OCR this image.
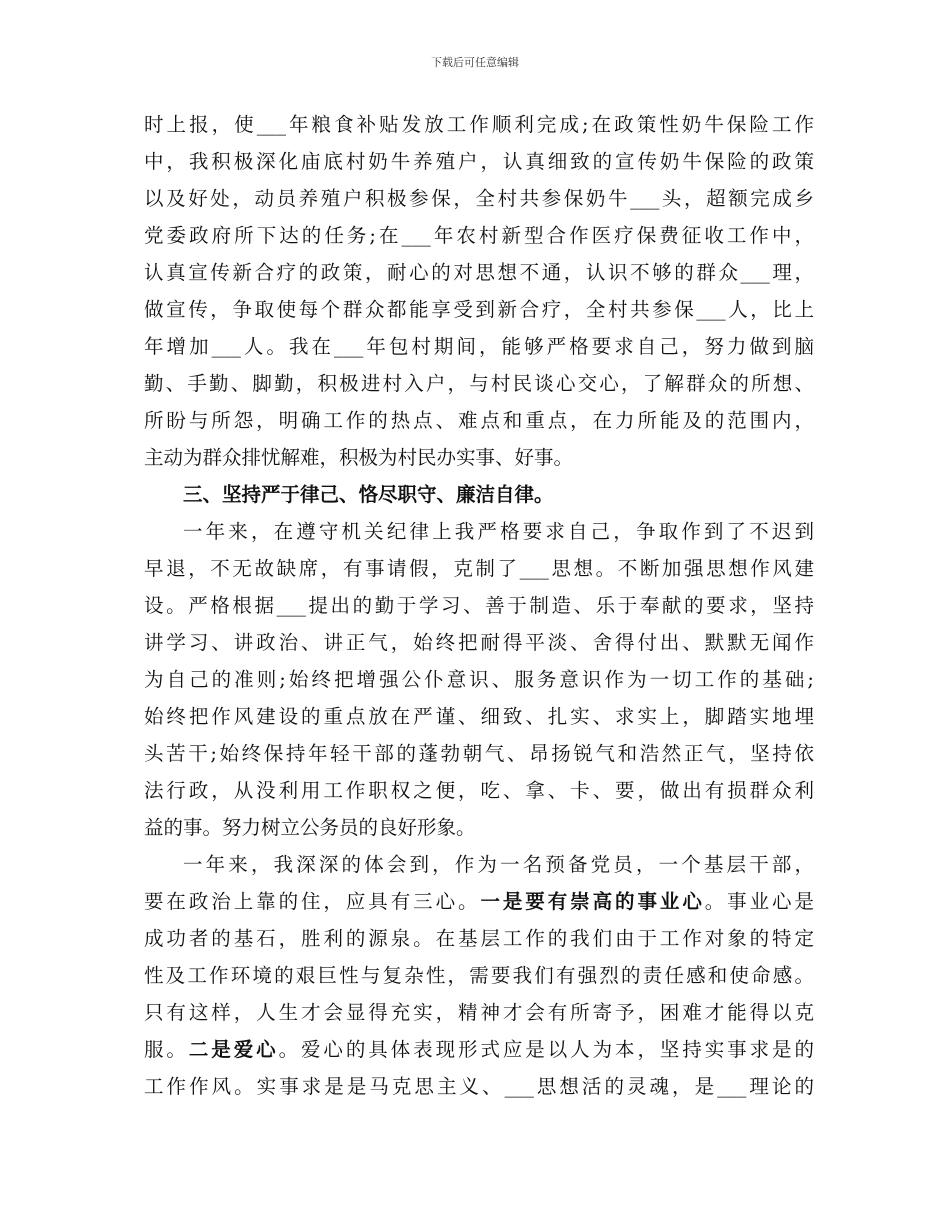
下载后可任意编辑
时上报，使___年粮食补贴发放工作顺利完成;在政策性奶牛保险工作
中，我积极深化庙底村奶牛养殖户，认真细致的宣传奶牛保险的政策
以及好处，动员养殖户积极参保，全村共参保奶牛___头，超额完成乡
党委政府所下达的任务;在___年农村新型合作医疗保费征收工作中，
认真宣传新合疗的政策，耐心的对思想不通，认识不够的群众___理，
做宣传，争取使每个群众都能享受到新合疗，全村共参保___人，比上
年增加___人。我在___年包村期间，能够严格要求自己，努力做到脑
勤、手勤、脚勤，积极进村入户，与村民谈心交心，了解群众的所想、
所盼与所怨，明确工作的热点、难点和重点，在力所能及的范围内，
主动为群众排忧解难，积极为村民办实事、好事。
三、坚持严于律己、恪尽职守、廉洁自律。
一年来，在遵守机关纪律上我严格要求自己，争取作到了不迟到
早退，不无故缺席，有事请假，克制了___思想。不断加强思想作风建
设。严格根据___提出的勤于学习、善于制造、乐于奉献的要求，坚持
讲学习、讲政治、讲正气，始终把耐得平淡、舍得付出、默默无闻作
为自己的准则;始终把增强公仆意识、服务意识作为一切工作的基础;
始终把作风建设的重点放在严谨、细致、扎实、求实上，脚踏实地埋
头苦干;始终保持年轻干部的蓬勃朝气、昂扬锐气和浩然正气，坚持依
法行政，从没利用工作职权之便，吃、拿、卡、要，做出有损群众利
益的事。努力树立公务员的良好形象。
一年来，我深深的体会到，作为一名预备党员，一个基层干部，
要在政治上靠的住，应具有三心。一是要有崇高的事业心。事业心是
成功者的基石，胜利的源泉。在基层工作的我们由于工作对象的特定
性及工作环境的艰巨性与复杂性，需要我们有强烈的责任感和使命感。
只有这样，人生才会显得充实，精神才会有所寄予，困难才能得以克
服。二是爱心。爱心的具体表现形式应是以人为本，坚持实事求是的
工作作风。实事求是是马克思主义、___思想活的灵魂，是___理论的
